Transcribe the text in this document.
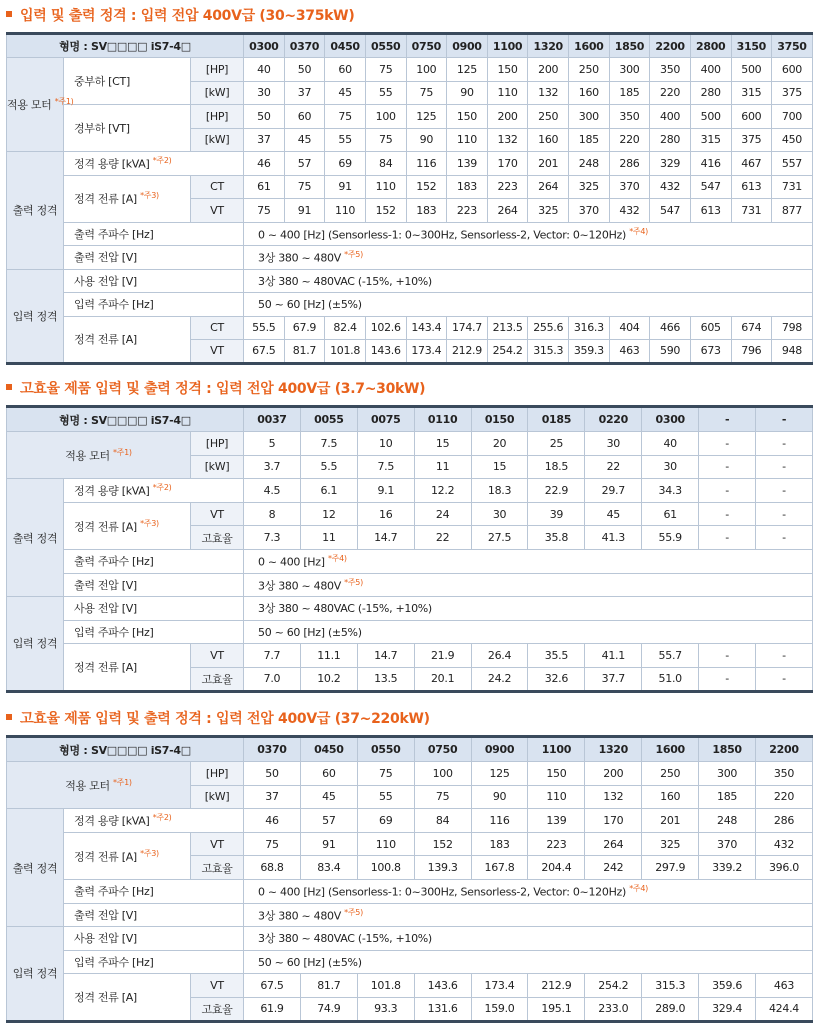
입력 및 출력 정격 : 입력 전압 400V급 (30~375kW)
형명 : SV□□□□ iS7-4□			0300	0370	0450	0550	0750	0900	1100	1320	1600	1850	2200	2800	3150	3750
적용 모터 $^{*주1)}$	중부하 [CT]	[HP]	40	50	60	75	100	125	150	200	250	300	350	400	500	600
		[kW]	30	37	45	55	75	90	110	132	160	185	220	280	315	375
	경부하 [VT]	[HP]	50	60	75	100	125	150	200	250	300	350	400	500	600	700
		[kW]	37	45	55	75	90	110	132	160	185	220	280	315	375	450
출력 정격	정격 용량 [kVA] $^{*주2)}$		46	57	69	84	116	139	170	201	248	286	329	416	467	557
	정격 전류 [A] $^{*주3)}$	CT	61	75	91	110	152	183	223	264	325	370	432	547	613	731
		VT	75	91	110	152	183	223	264	325	370	432	547	613	731	877
	출력 주파수 [Hz]		0 ~ 400 [Hz] (Sensorless-1: 0~300Hz, Sensorless-2, Vector: 0~120Hz) $^{*주4)}$
	출력 전압 [V]		3상 380 ~ 480V $^{*주5)}$
입력 정격	사용 전압 [V]		3상 380 ~ 480VAC (-15%, +10%)													
	입력 주파수 [Hz]		50 ~ 60 [Hz] (±5%)													
	정격 전류 [A]	CT	55.5	67.9	82.4	102.6	143.4	174.7	213.5	255.6	316.3	404	466	605	674	798
		VT	67.5	81.7	101.8	143.6	173.4	212.9	254.2	315.3	359.3	463	590	673	796	948
고효율 제품 입력 및 출력 정격 : 입력 전압 400V급 (3.7~30kW)
형명 : SV□□□□ iS7-4□			0037	0055	0075	0110	0150	0185	0220	0300	-	-
적용 모터 $^{*주1)}$		[HP]	5	7.5	10	15	20	25	30	40	-	-
		[kW]	3.7	5.5	7.5	11	15	18.5	22	30	-	-
출력 정격	정격 용량 [kVA] $^{*주2)}$		4.5	6.1	9.1	12.2	18.3	22.9	29.7	34.3	-	-
	정격 전류 [A] $^{*주3)}$	VT	8	12	16	24	30	39	45	61	-	-
		고효율	7.3	11	14.7	22	27.5	35.8	41.3	55.9	-	-
	출력 주파수 [Hz]		0 ~ 400 [Hz] $^{*주4)}$
	출력 전압 [V]		3상 380 ~ 480V $^{*주5)}$
입력 정격	사용 전압 [V]		3상 380 ~ 480VAC (-15%, +10%)									
	입력 주파수 [Hz]		50 ~ 60 [Hz] (±5%)									
	정격 전류 [A]	VT	7.7	11.1	14.7	21.9	26.4	35.5	41.1	55.7	-	-
		고효율	7.0	10.2	13.5	20.1	24.2	32.6	37.7	51.0	-	-
고효율 제품 입력 및 출력 정격 : 입력 전압 400V급 (37~220kW)
형명 : SV□□□□ iS7-4□			0370	0450	0550	0750	0900	1100	1320	1600	1850	2200
적용 모터 $^{*주1)}$		[HP]	50	60	75	100	125	150	200	250	300	350
		[kW]	37	45	55	75	90	110	132	160	185	220
출력 정격	정격 용량 [kVA] $^{*주2)}$		46	57	69	84	116	139	170	201	248	286
	정격 전류 [A] $^{*주3)}$	VT	75	91	110	152	183	223	264	325	370	432
		고효율	68.8	83.4	100.8	139.3	167.8	204.4	242	297.9	339.2	396.0
	출력 주파수 [Hz]		0 ~ 400 [Hz] (Sensorless-1: 0~300Hz, Sensorless-2, Vector: 0~120Hz) $^{*주4)}$
	출력 전압 [V]		3상 380 ~ 480V $^{*주5)}$
입력 정격	사용 전압 [V]		3상 380 ~ 480VAC (-15%, +10%)									
	입력 주파수 [Hz]		50 ~ 60 [Hz] (±5%)									
	정격 전류 [A]	VT	67.5	81.7	101.8	143.6	173.4	212.9	254.2	315.3	359.6	463
		고효율	61.9	74.9	93.3	131.6	159.0	195.1	233.0	289.0	329.4	424.4
